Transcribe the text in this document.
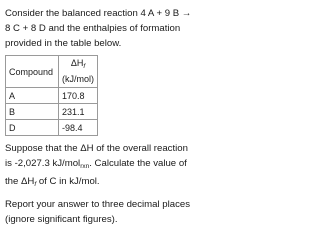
Consider the balanced reaction 4 A + 9 B →
8 C + 8 D and the enthalpies of formation
provided in the table below.

Compound	$\Delta H_f$
(kJ/mol)
A	170.8
B	231.1
D	-98.4

Suppose that the ΔH of the overall reaction
is -2,027.3 kJ/mol$_{rxn}$. Calculate the value of
the $\Delta H_f$ of C in kJ/mol.

Report your answer to three decimal places
(ignore significant figures).
